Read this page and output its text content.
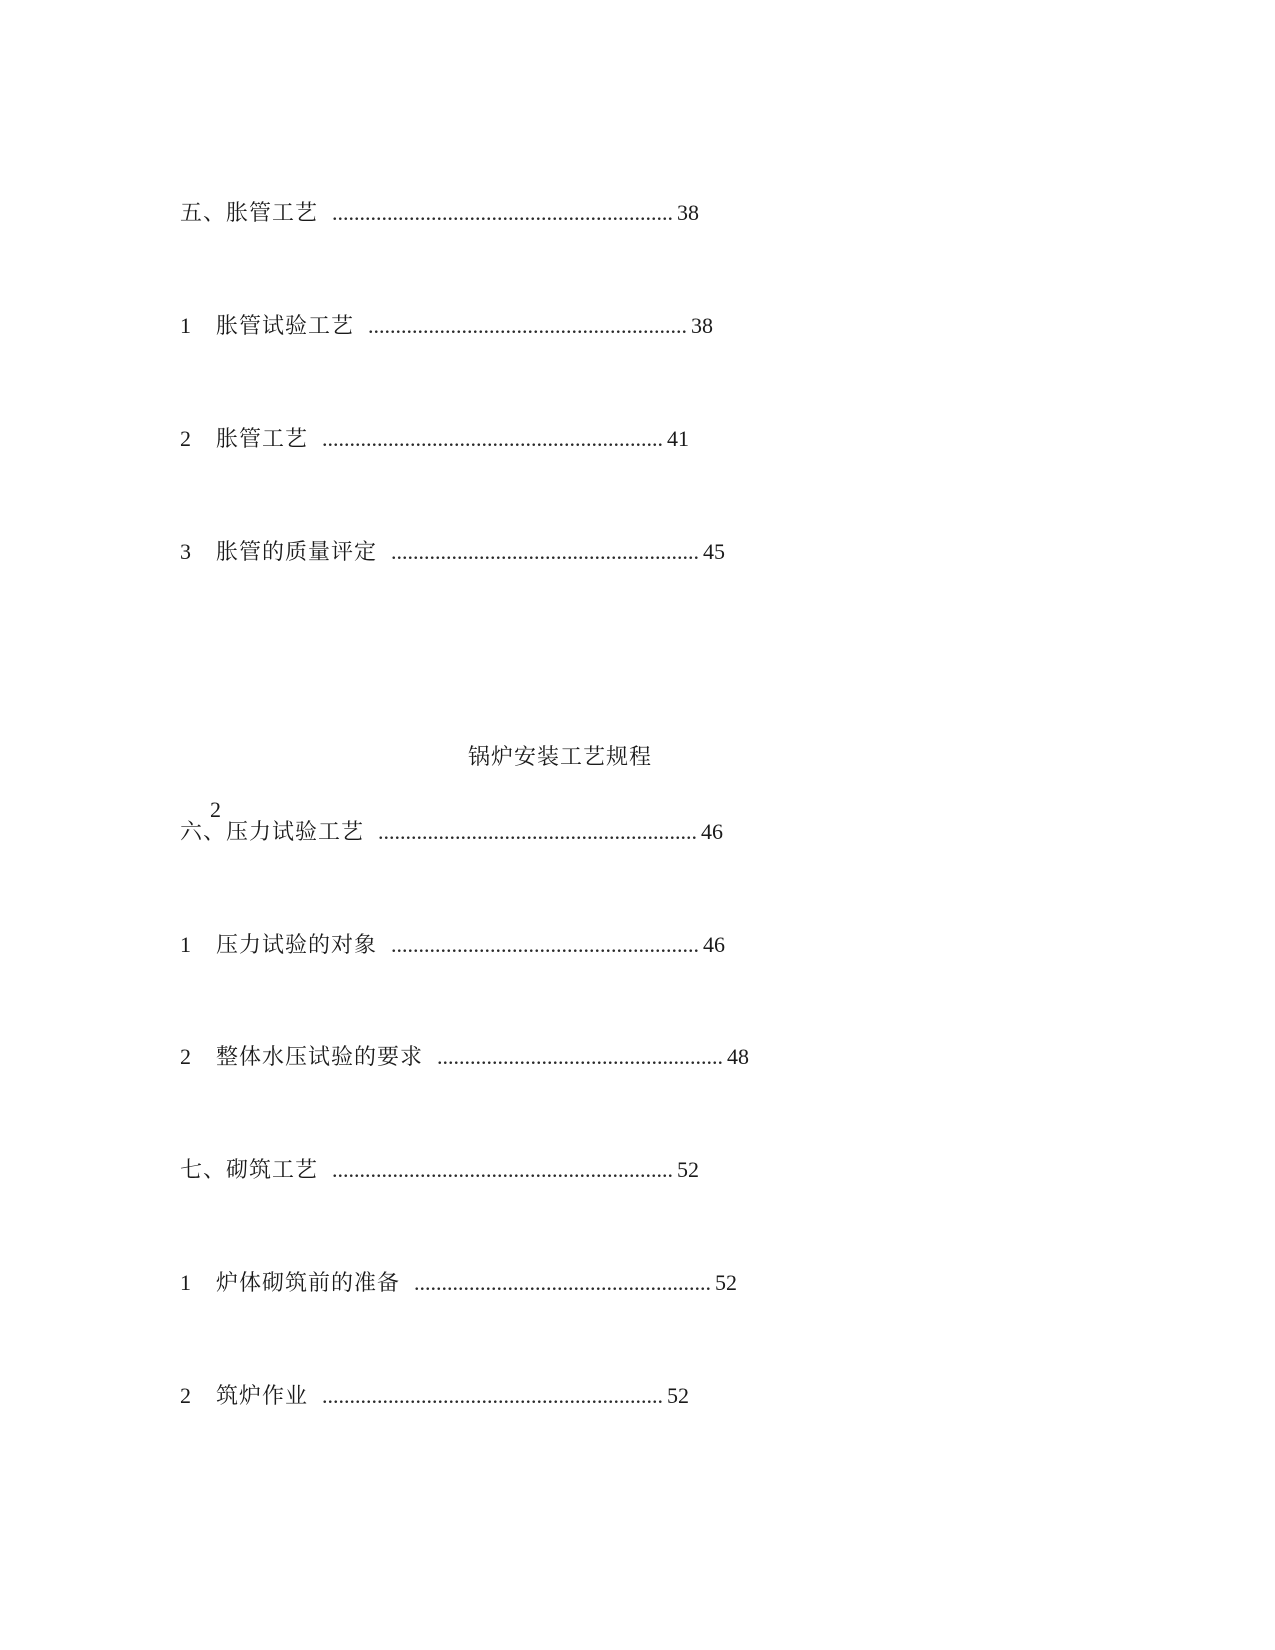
五、胀管工艺 .............................................................. 38
1	胀管试验工艺 .......................................................... 38
2	胀管工艺 .............................................................. 41
3	胀管的质量评定 ........................................................ 45
锅炉安装工艺规程
2
六、压力试验工艺 .......................................................... 46
1	压力试验的对象 ........................................................ 46
2	整体水压试验的要求 .................................................... 48
七、砌筑工艺 .............................................................. 52
1	炉体砌筑前的准备 ...................................................... 52
2	筑炉作业 .............................................................. 52
